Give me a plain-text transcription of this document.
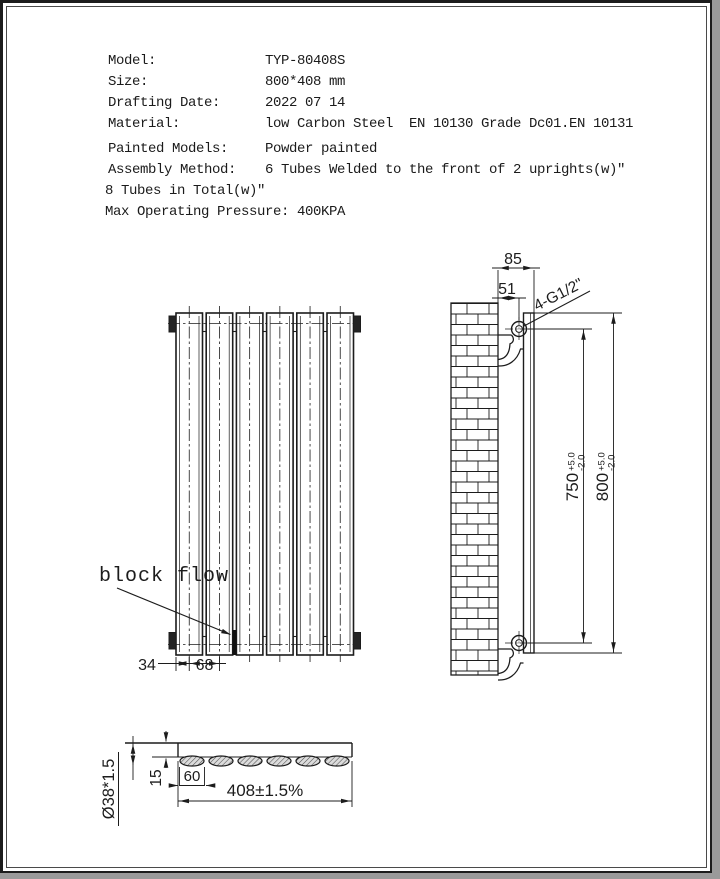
Model:	TYP-80408S
Size:	800*408 mm
Drafting Date:	2022 07 14
Material:	low Carbon Steel  EN 10130 Grade Dc01.EN 10131
Painted Models:	Powder painted
Assembly Method: 6 Tubes Welded to the front of 2 uprights(w)"
8 Tubes in Total(w)"
Max Operating Pressure: 400KPA
block flow
34 68
85
51 4-G1/2"
750
+5.0 -2.0
800
+5.0 -2.0
Ø38*1.5 15 60
408±1.5%
